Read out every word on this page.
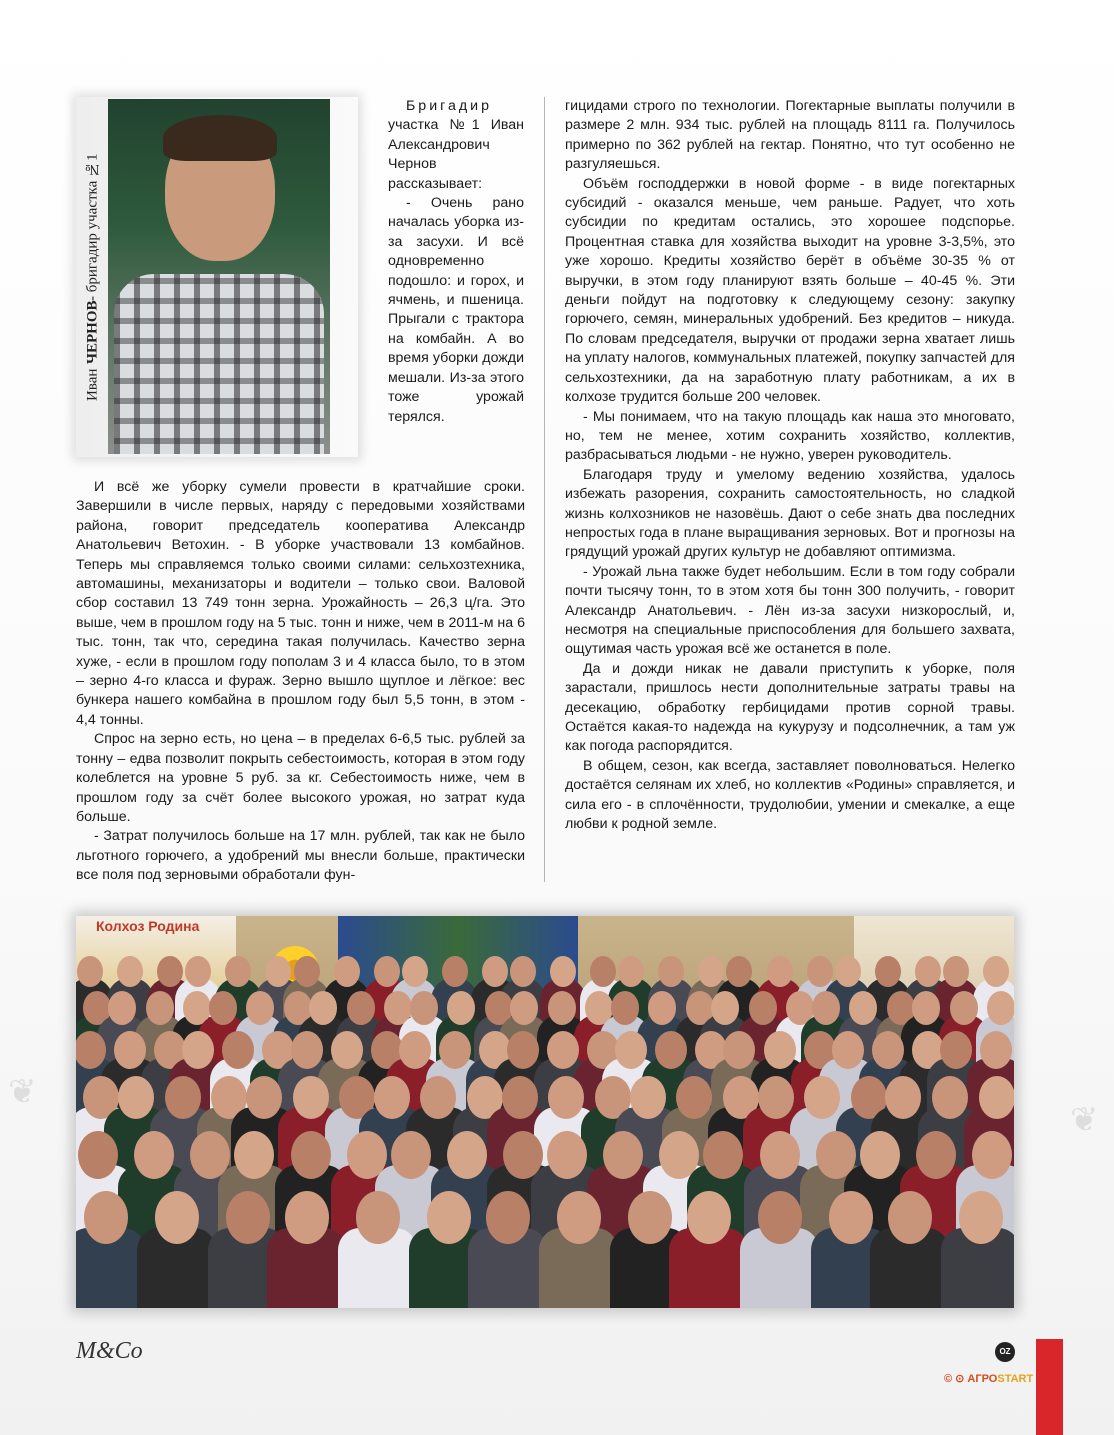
❦
❦
Иван

ЧЕРНОВ
- бригадир участка №1

Бригадир

участка №1 Иван Александрович Чернов рассказывает:

- Очень рано началась уборка из-за засухи. И всё одновременно подошло: и горох, и ячмень, и пшеница. Прыгали с трактора на комбайн. А во время уборки дожди мешали. Из-за этого тоже урожай терялся.

И всё же уборку сумели провести в кратчайшие сроки. Завершили в числе первых, наряду с передовыми хозяйствами района, говорит председатель кооператива Александр Анатольевич Ветохин. - В уборке участвовали 13 комбайнов. Теперь мы справляемся только своими силами: сельхозтехника, автомашины, механизаторы и водители – только свои. Валовой сбор составил 13 749 тонн зерна. Урожайность – 26,3 ц/га. Это выше, чем в прошлом году на 5 тыс. тонн и ниже, чем в 2011-м на 6 тыс. тонн, так что, середина такая получилась. Качество зерна хуже, - если в прошлом году пополам 3 и 4 класса было, то в этом – зерно 4-го класса и фураж. Зерно вышло щуплое и лёгкое: вес бункера нашего комбайна в прошлом году был 5,5 тонн, в этом - 4,4 тонны.

Спрос на зерно есть, но цена – в пределах 6-6,5 тыс. рублей за тонну – едва позволит покрыть себестоимость, которая в этом году колеблется на уровне 5 руб. за кг. Себестоимость ниже, чем в прошлом году за счёт более высокого урожая, но затрат куда больше.

- Затрат получилось больше на 17 млн. рублей, так как не было льготного горючего, а удобрений мы внесли больше, практически все поля под зерновыми обработали фун-

гицидами строго по технологии. Погектарные выплаты получили в размере 2 млн. 934 тыс. рублей на площадь 8111 га. Получилось примерно по 362 рублей на гектар. Понятно, что тут особенно не разгуляешься.

Объём господдержки в новой форме - в виде погектарных субсидий - оказался меньше, чем раньше. Радует, что хоть субсидии по кредитам остались, это хорошее подспорье. Процентная ставка для хозяйства выходит на уровне 3-3,5%, это уже хорошо. Кредиты хозяйство берёт в объёме 30-35 % от выручки, в этом году планируют взять больше – 40-45 %. Эти деньги пойдут на подготовку к следующему сезону: закупку горючего, семян, минеральных удобрений. Без кредитов – никуда. По словам председателя, выручки от продажи зерна хватает лишь на уплату налогов, коммунальных платежей, покупку запчастей для сельхозтехники, да на заработную плату работникам, а их в колхозе трудится больше 200 человек.

- Мы понимаем, что на такую площадь как наша это многовато, но, тем не менее, хотим сохранить хозяйство, коллектив, разбрасываться людьми - не нужно, уверен руководитель.

Благодаря труду и умелому ведению хозяйства, удалось избежать разорения, сохранить самостоятельность, но сладкой жизнь колхозников не назовёшь. Дают о себе знать два последних непростых года в плане выращивания зерновых. Вот и прогнозы на грядущий урожай других культур не добавляют оптимизма.

- Урожай льна также будет небольшим. Если в том году собрали почти тысячу тонн, то в этом хотя бы тонн 300 получить, - говорит Александр Анатольевич. - Лён из-за засухи низкорослый, и, несмотря на специальные приспособления для большего захвата, ощутимая часть урожая всё же останется в поле.

Да и дожди никак не давали приступить к уборке, поля зарастали, пришлось нести дополнительные затраты травы на десекацию, обработку гербицидами против сорной травы. Остаётся какая-то надежда на кукурузу и подсолнечник, а там уж как погода распорядится.

В общем, сезон, как всегда, заставляет поволноваться. Нелегко достаётся селянам их хлеб, но коллектив «Родины» справляется, и сила его - в сплочённости, трудолюбии, умении и смекалке, а еще любви к родной земле.

Колхоз Родина
M&Co	OZ
© ⊙ АГРОSTART
